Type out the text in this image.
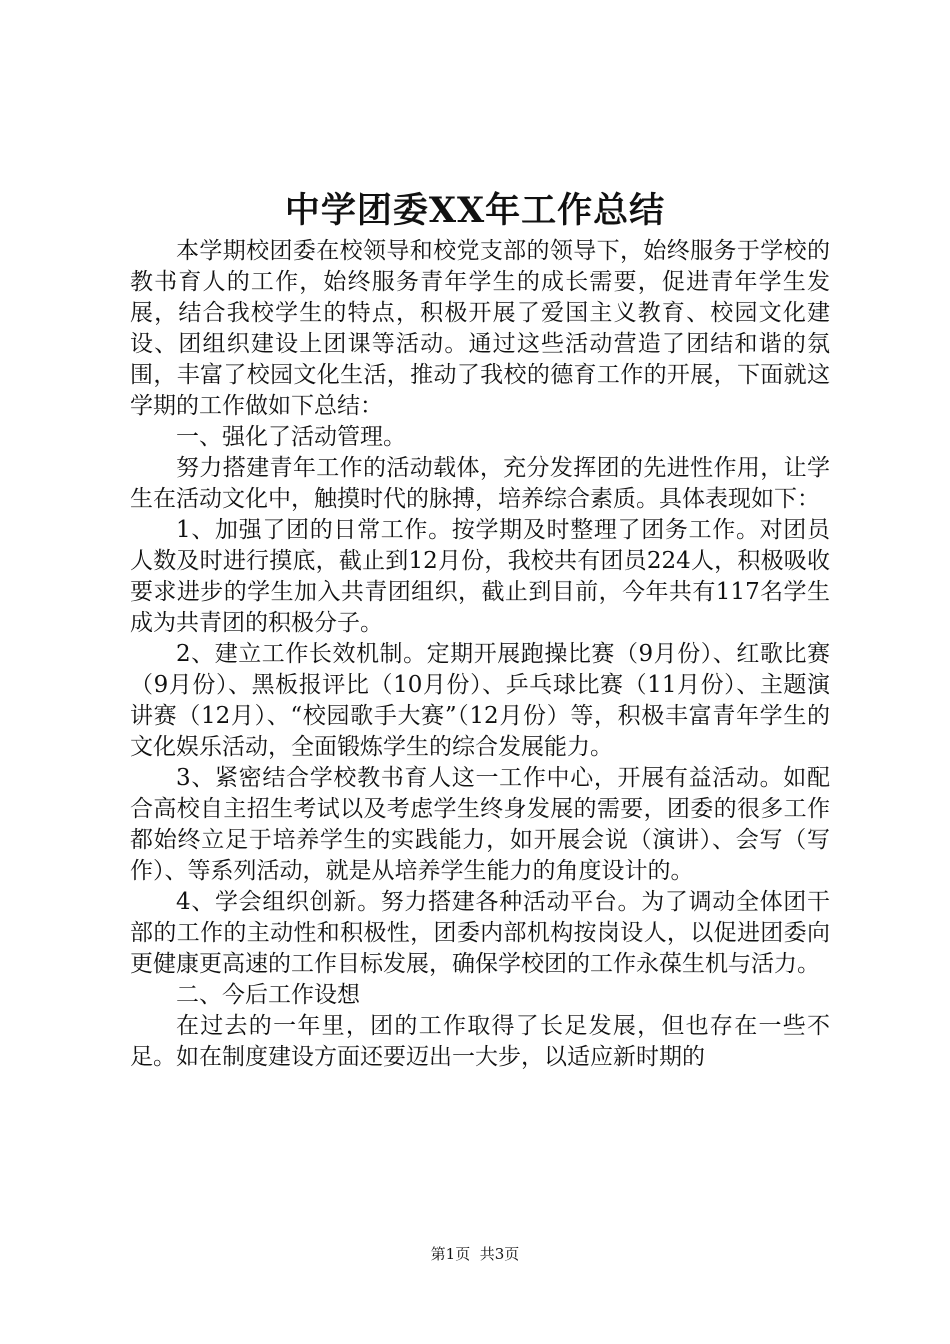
中学团委XX年工作总结

本学期校团委在校领导和校党支部的领导下，始终服务于学校的教书育人的工作，始终服务青年学生的成长需要，促进青年学生发展，结合我校学生的特点，积极开展了爱国主义教育、校园文化建设、团组织建设上团课等活动。通过这些活动营造了团结和谐的氛围，丰富了校园文化生活，推动了我校的德育工作的开展，下面就这学期的工作做如下总结：

一、强化了活动管理。

努力搭建青年工作的活动载体，充分发挥团的先进性作用，让学生在活动文化中，触摸时代的脉搏，培养综合素质。具体表现如下：

1、加强了团的日常工作。按学期及时整理了团务工作。对团员人数及时进行摸底，截止到12月份，我校共有团员224人，积极吸收要求进步的学生加入共青团组织，截止到目前，今年共有117名学生成为共青团的积极分子。

2、建立工作长效机制。定期开展跑操比赛（9月份）、红歌比赛（9月份）、黑板报评比（10月份）、乒乓球比赛（11月份）、主题演讲赛（12月）、“校园歌手大赛”（12月份）等，积极丰富青年学生的文化娱乐活动，全面锻炼学生的综合发展能力。

3、紧密结合学校教书育人这一工作中心，开展有益活动。如配合高校自主招生考试以及考虑学生终身发展的需要，团委的很多工作都始终立足于培养学生的实践能力，如开展会说（演讲）、会写（写作）、等系列活动，就是从培养学生能力的角度设计的。

4、学会组织创新。努力搭建各种活动平台。为了调动全体团干部的工作的主动性和积极性，团委内部机构按岗设人，以促进团委向更健康更高速的工作目标发展，确保学校团的工作永葆生机与活力。

二、今后工作设想

在过去的一年里，团的工作取得了长足发展，但也存在一些不足。如在制度建设方面还要迈出一大步，以适应新时期的

第1页 共3页
